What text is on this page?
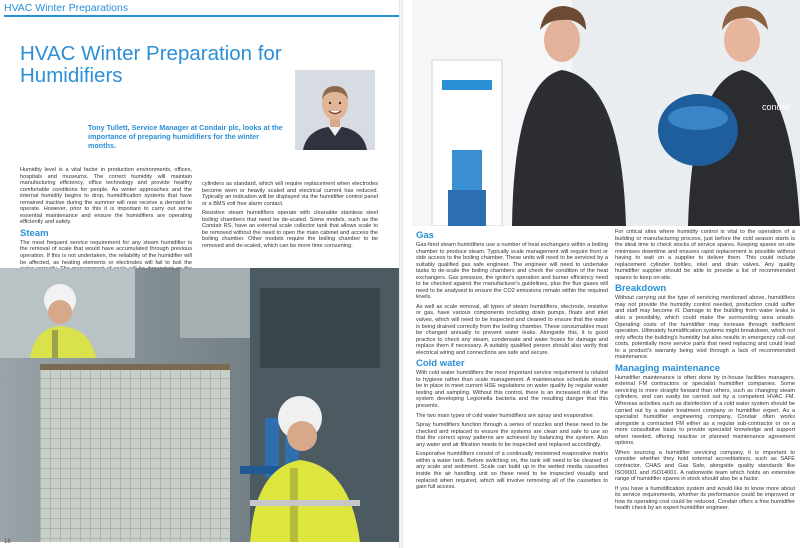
HVAC Winter Preparations
HVAC Winter Preparation for Humidifiers
Tony Tullett, Service Manager at Condair plc, looks at the importance of preparing humidifiers for the winter months.

Humidity level is a vital factor in production environments, offices, hospitals and museums. The correct humidity will maintain manufacturing efficiency, office technology and provide healthy comfortable conditions for people. As winter approaches and the internal humidity begins to drop, humidification systems that have remained inactive during the summer will now receive a demand to operate. However, prior to this it is important to carry out some essential maintenance and ensure the humidifiers are operating efficiently and safely.

Steam

The most frequent service requirement for any steam humidifier is the removal of scale that would have accumulated through previous operation. If this is not undertaken, the reliability of the humidifier will be affected, as heating elements or electrodes will fail to boil the

cylinders as standard, which will require replacement when electrodes become worn or heavily scaled and electrical current has reduced. Typically an indication will be displayed via the humidifier control panel or a BMS volt free alarm contact.

Resistive steam humidifiers operate with cleanable stainless steel boiling chambers that need be de-scaled. Some models, such as the Condair RS, have an external scale collector tank that allows scale to be removed without the need to open the main cabinet and access the boiling chamber. Other models require the boiling chamber to be removed and de-scaled, which can be more time consuming.

18
condair
Gas

Gas-fired steam humidifiers use a number of heat exchangers within a boiling chamber to produce steam. Typically scale management will require front or side access to the boiling chamber. These units will need to be serviced by a suitably qualified gas safe engineer. The engineer will need to undertake tasks to de-scale the boiling chambers and check the condition of the heat exchangers. Gas pressure, the igniter's operation and burner efficiency need to be checked against the manufacturer's guidelines, plus the flue gases will need to be analysed to ensure the CO2 emissions remain within the required levels.

As well as scale removal, all types of steam humidifiers, electrode, resistive or gas, have various components including drain pumps, floats and inlet valves, which will need to be inspected and cleaned to ensure that the water is being drained correctly from the boiling chamber. These consumables must be changed annually to prevent water leaks. Alongside this, it is good practice to check any steam, condensate and water hoses for damage and replace them if necessary. A suitably qualified person should also verify that electrical wiring and connections are safe and secure.

Cold water

With cold water humidifiers the most important service requirement is related to hygiene rather than scale management. A maintenance schedule should be in place to meet current HSE regulations on water quality by regular water testing and sampling. Without this control, there is an increased risk of the system developing Legionella bacteria and the resulting danger that this presents.

The two main types of cold water humidifiers are spray and evaporative.

Spray humidifiers function through a series of nozzles and these need to be checked and replaced to ensure the systems are clean and safe to use so that the correct spray patterns are achieved by balancing the system. Also any water and air filtration needs to be inspected and replaced accordingly.

Evaporative humidifiers consist of a continually moistened evaporative matrix within a water tank. Before switching on, the tank will need to be cleaned of any scale and sediment. Scale can build up in the wetted media cassettes inside the air handling unit so these need to be inspected visually and replaced when required, which will involve removing all of the cassettes to gain full access.

For critical sites where humidity control is vital to the operation of a building or manufacturing process, just before the cold season starts is the ideal time to check stocks of service spares. Keeping spares on-site minimises downtime and ensures rapid replacement is possible without having to wait on a supplier to deliver them. This could include replacement cylinder bottles, inlet and drain valves. Any quality humidifier supplier should be able to provide a list of recommended spares to keep on-site.

Breakdown

Without carrying out the type of servicing mentioned above, humidifiers may not provide the humidity control needed, production could suffer and staff may become ill. Damage to the building from water leaks is also a possibility, which could make the surrounding area unsafe. Operating costs of the humidifier may increase through inefficient operation. Ultimately humidification systems might breakdown, which not only effects the building's humidity but also results in emergency call-out costs, potentially more service parts that need replacing and could lead to a product's warranty being void through a lack of recommended maintenance.

Managing maintenance

Humidifier maintenance is often done by in-house facilities managers, external FM contractors or specialist humidifier companies. Some servicing is more straight forward than others, such as changing steam cylinders, and can easily be carried out by a competent HVAC FM. Whereas activities such as disinfection of a cold water system should be carried out by a water treatment company or humidifier expert. As a specialist humidifier engineering company, Condair often works alongside a contracted FM either as a regular sub-contractor or on a more consultative basis to provide specialist knowledge and support when needed, offering reactive or planned maintenance agreement options.

When sourcing a humidifier servicing company, it is important to consider whether they hold external accreditations, such as SAFE contractor, CHAS and Gas Safe, alongside quality standards like ISO9001 and ISO14001. A nationwide team which holds an extensive range of humidifier spares in stock should also be a factor.

If you have a humidification system and would like to know more about its service requirements, whether its performance could be improved or how its operating cost could be reduced, Condair offers a free humidifier health check by an expert humidifier engineer.
